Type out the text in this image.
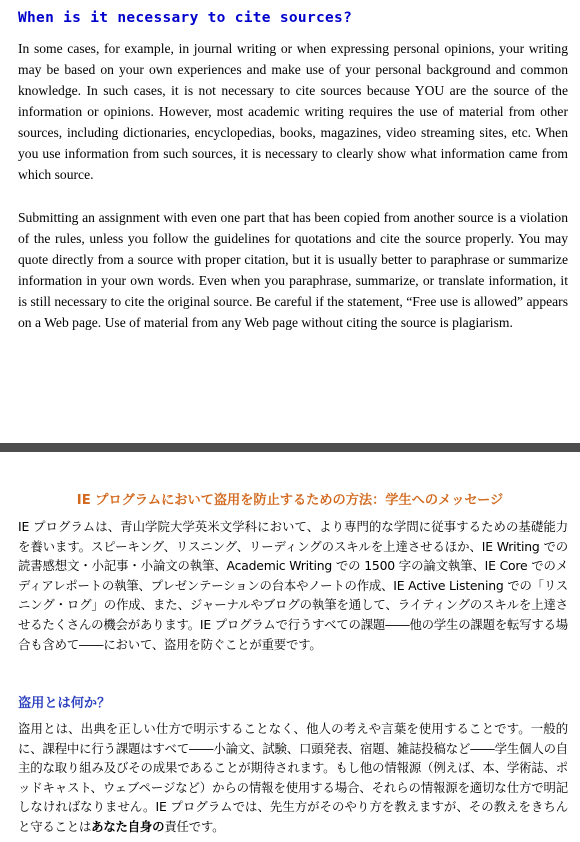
When is it necessary to cite sources?

In some cases, for example, in journal writing or when expressing personal opinions, your writing may be based on your own experiences and make use of your personal background and common knowledge. In such cases, it is not necessary to cite sources because YOU are the source of the information or opinions. However, most academic writing requires the use of material from other sources, including dictionaries, encyclopedias, books, magazines, video streaming sites, etc. When you use information from such sources, it is necessary to clearly show what information came from which source.

Submitting an assignment with even one part that has been copied from another source is a violation of the rules, unless you follow the guidelines for quotations and cite the source properly. You may quote directly from a source with proper citation, but it is usually better to paraphrase or summarize information in your own words. Even when you paraphrase, summarize, or translate information, it is still necessary to cite the original source. Be careful if the statement, “Free use is allowed” appears on a Web page. Use of material from any Web page without citing the source is plagiarism.

IE プログラムにおいて盗用を防止するための方法：学生へのメッセージ

IE プログラムは、青山学院大学英米文学科において、より専門的な学問に従事するための基礎能力を養います。スピーキング、リスニング、リーディングのスキルを上達させるほか、IE Writing での読書感想文・小記事・小論文の執筆、Academic Writing での 1500 字の論文執筆、IE Core でのメディアレポートの執筆、プレゼンテーションの台本やノートの作成、IE Active Listening での「リスニング・ログ」の作成、また、ジャーナルやブログの執筆を通して、ライティングのスキルを上達させるたくさんの機会があります。IE プログラムで行うすべての課題――他の学生の課題を転写する場合も含めて――において、盗用を防ぐことが重要です。

盗用とは何か？

盗用とは、出典を正しい仕方で明示することなく、他人の考えや言葉を使用することです。一般的に、課程中に行う課題はすべて――小論文、試験、口頭発表、宿題、雑誌投稿など――学生個人の自主的な取り組み及びその成果であることが期待されます。もし他の情報源（例えば、本、学術誌、ポッドキャスト、ウェブページなど）からの情報を使用する場合、それらの情報源を適切な仕方で明記しなければなりません。IE プログラムでは、先生方がそのやり方を教えますが、その教えをきちんと守ることはあなた自身の責任です。
